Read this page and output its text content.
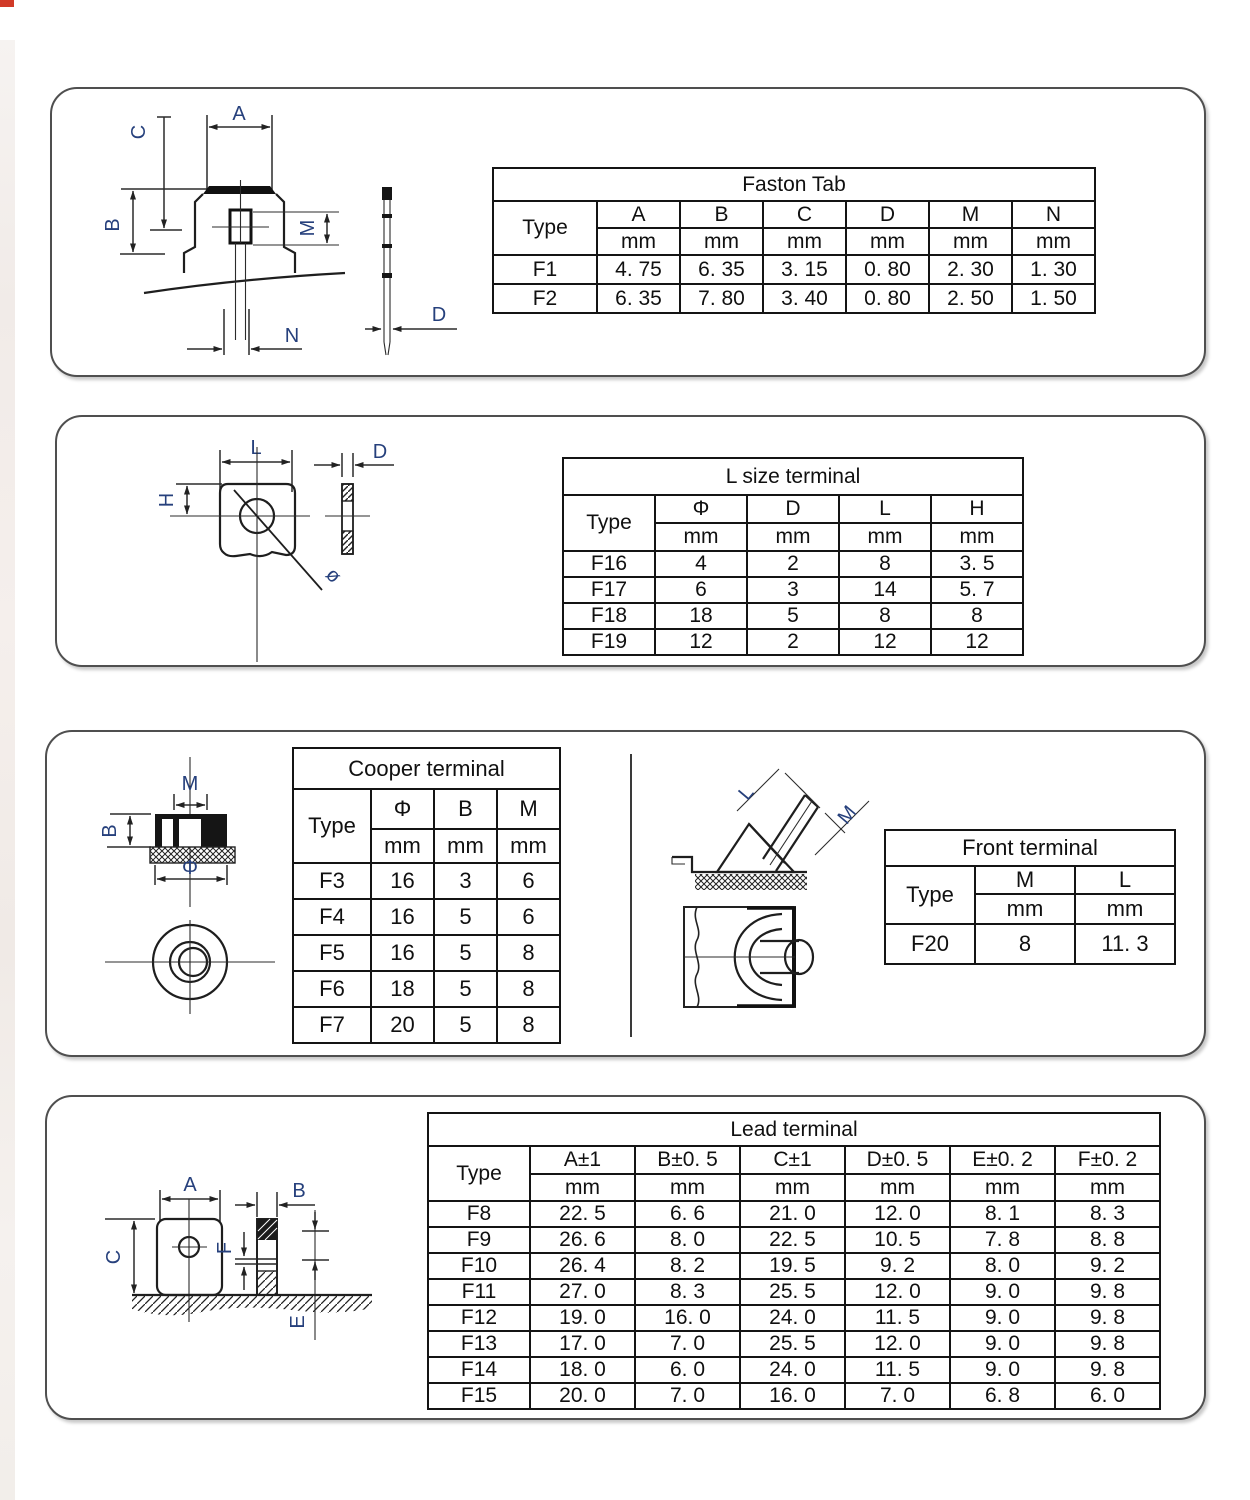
A
C
B	M
N
D
Faston Tab						
Type	A	B	C	D	M	N
	mm	mm	mm	mm	mm	mm
F1	4. 75	6. 35	3. 15	0. 80	2. 30	1. 30
F2	6. 35	7. 80	3. 40	0. 80	2. 50	1. 50
L
H
ø
D
L size terminal				
Type	Φ	D	L	H
	mm	mm	mm	mm
F16	4	2	8	3. 5
F17	6	3	14	5. 7
F18	18	5	8	8
F19	12	2	12	12
M
B
Φ
Cooper terminal			
Type	Φ	B	M
	mm	mm	mm
F3	16	3	6
F4	16	5	6
F5	16	5	8
F6	18	5	8
F7	20	5	8
L
M
Front terminal		
Type	M	L
	mm	mm
F20	8	11. 3
A
C
B
F
E
Lead terminal						
Type	A±1	B±0. 5	C±1	D±0. 5	E±0. 2	F±0. 2
	mm	mm	mm	mm	mm	mm
F8	22. 5	6. 6	21. 0	12. 0	8. 1	8. 3
F9	26. 6	8. 0	22. 5	10. 5	7. 8	8. 8
F10	26. 4	8. 2	19. 5	9. 2	8. 0	9. 2
F11	27. 0	8. 3	25. 5	12. 0	9. 0	9. 8
F12	19. 0	16. 0	24. 0	11. 5	9. 0	9. 8
F13	17. 0	7. 0	25. 5	12. 0	9. 0	9. 8
F14	18. 0	6. 0	24. 0	11. 5	9. 0	9. 8
F15	20. 0	7. 0	16. 0	7. 0	6. 8	6. 0
